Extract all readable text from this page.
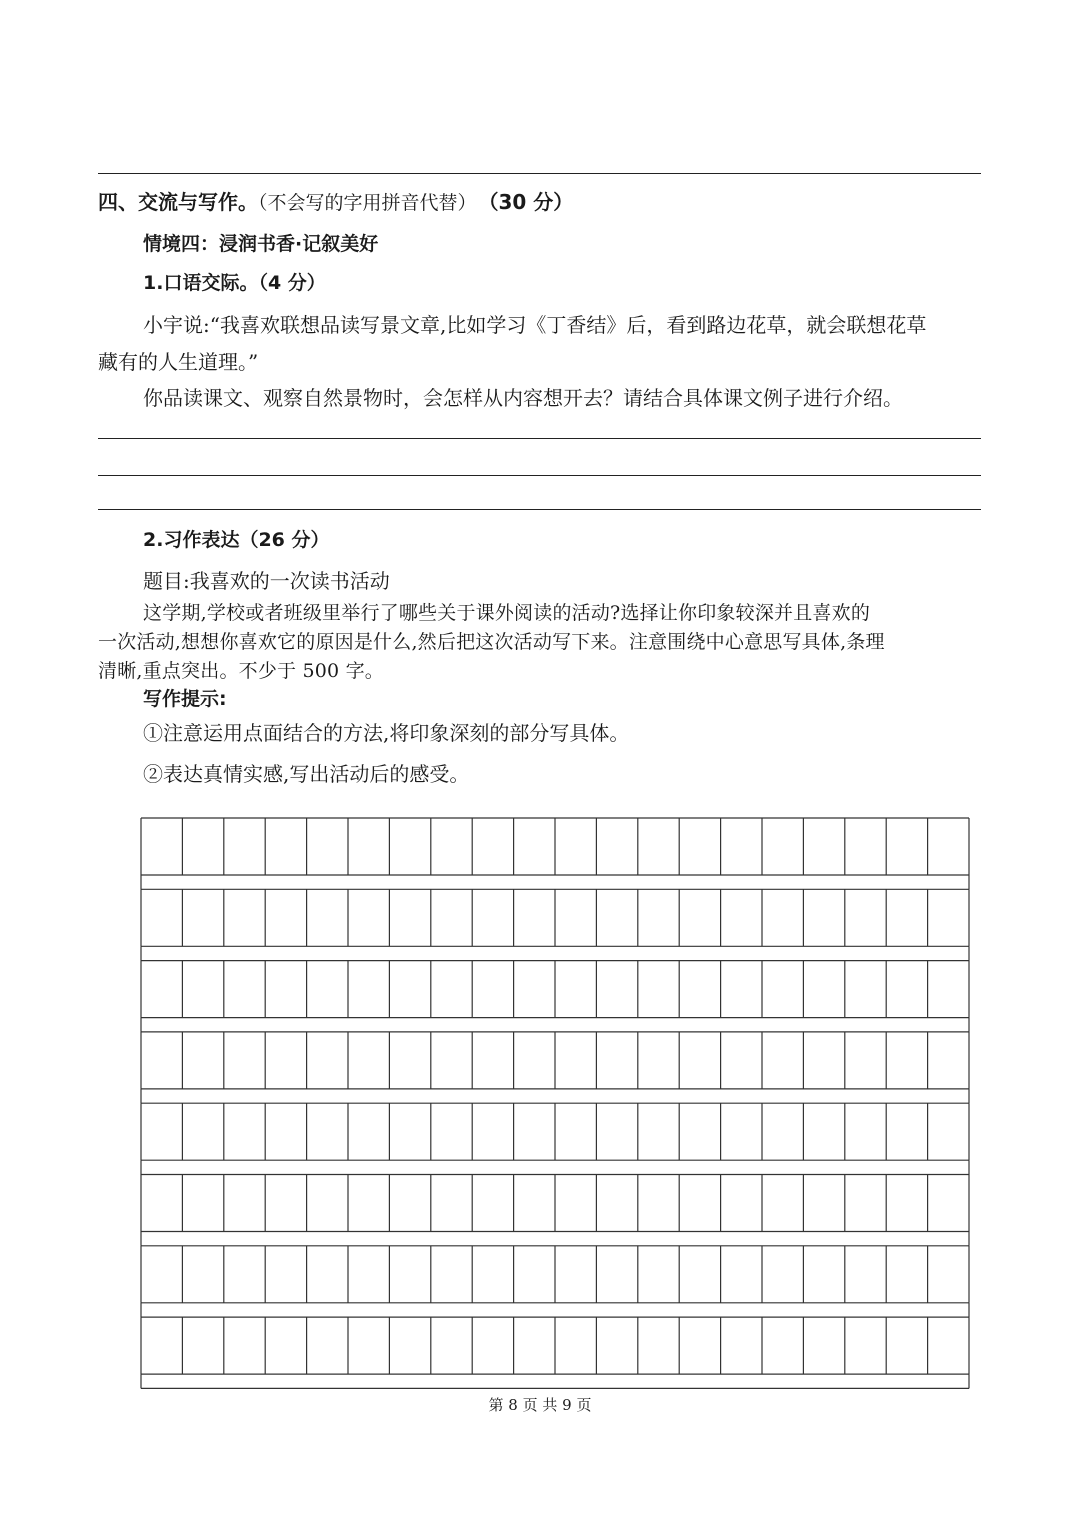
四、交流与写作。（不会写的字用拼音代替） （30 分）
情境四：浸润书香·记叙美好
1.口语交际。（4 分）
小宇说:“我喜欢联想品读写景文章,比如学习《丁香结》后，看到路边花草，就会联想花草
藏有的人生道理。”
你品读课文、观察自然景物时，会怎样从内容想开去？请结合具体课文例子进行介绍。
2.习作表达（26 分）
题目:我喜欢的一次读书活动
这学期,学校或者班级里举行了哪些关于课外阅读的活动?选择让你印象较深并且喜欢的
一次活动,想想你喜欢它的原因是什么,然后把这次活动写下来。注意围绕中心意思写具体,条理
清晰,重点突出。不少于 500 字。
写作提示:
①注意运用点面结合的方法,将印象深刻的部分写具体。
②表达真情实感,写出活动后的感受。
第 8 页 共 9 页
